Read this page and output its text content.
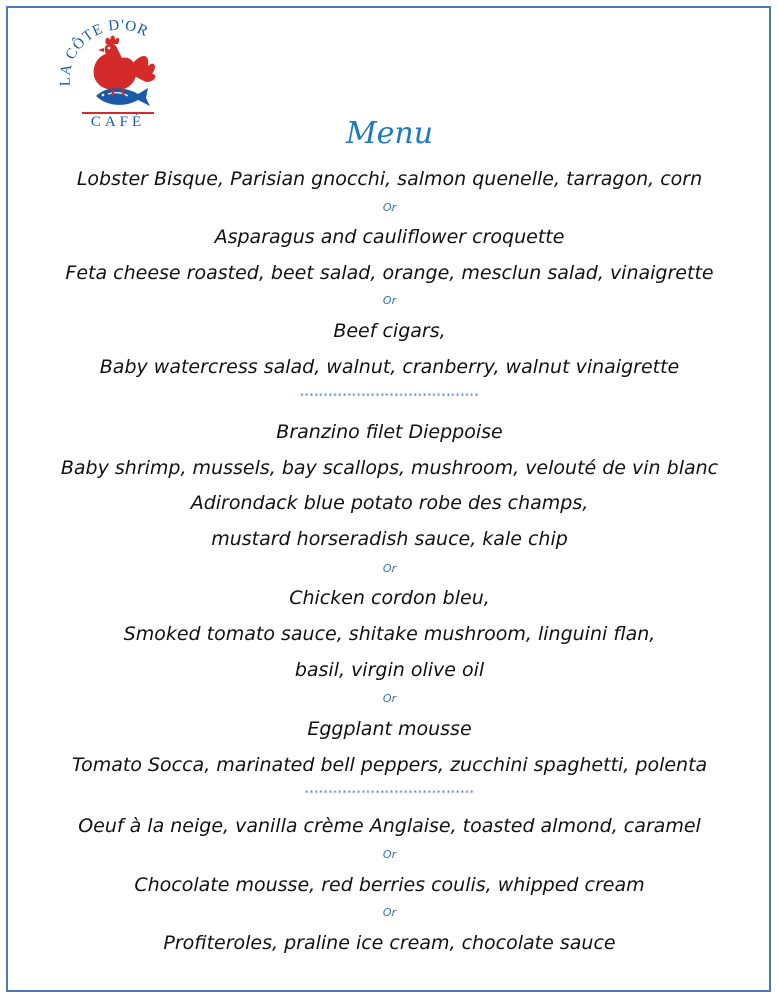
LA CÔTE D'OR
CAFÉ	Menu
Lobster Bisque, Parisian gnocchi, salmon quenelle, tarragon, corn
Or
Asparagus and cauliflower croquette
Feta cheese roasted, beet salad, orange, mesclun salad, vinaigrette
Or
Beef cigars,
Baby watercress salad, walnut, cranberry, walnut vinaigrette
**************************************
Branzino filet Dieppoise
Baby shrimp, mussels, bay scallops, mushroom, velouté de vin blanc
Adirondack blue potato robe des champs,
mustard horseradish sauce, kale chip
Or
Chicken cordon bleu,
Smoked tomato sauce, shitake mushroom, linguini flan,
basil, virgin olive oil
Or
Eggplant mousse
Tomato Socca, marinated bell peppers, zucchini spaghetti, polenta
************************************
Oeuf à la neige, vanilla crème Anglaise, toasted almond, caramel
Or
Chocolate mousse, red berries coulis, whipped cream
Or
Profiteroles, praline ice cream, chocolate sauce
